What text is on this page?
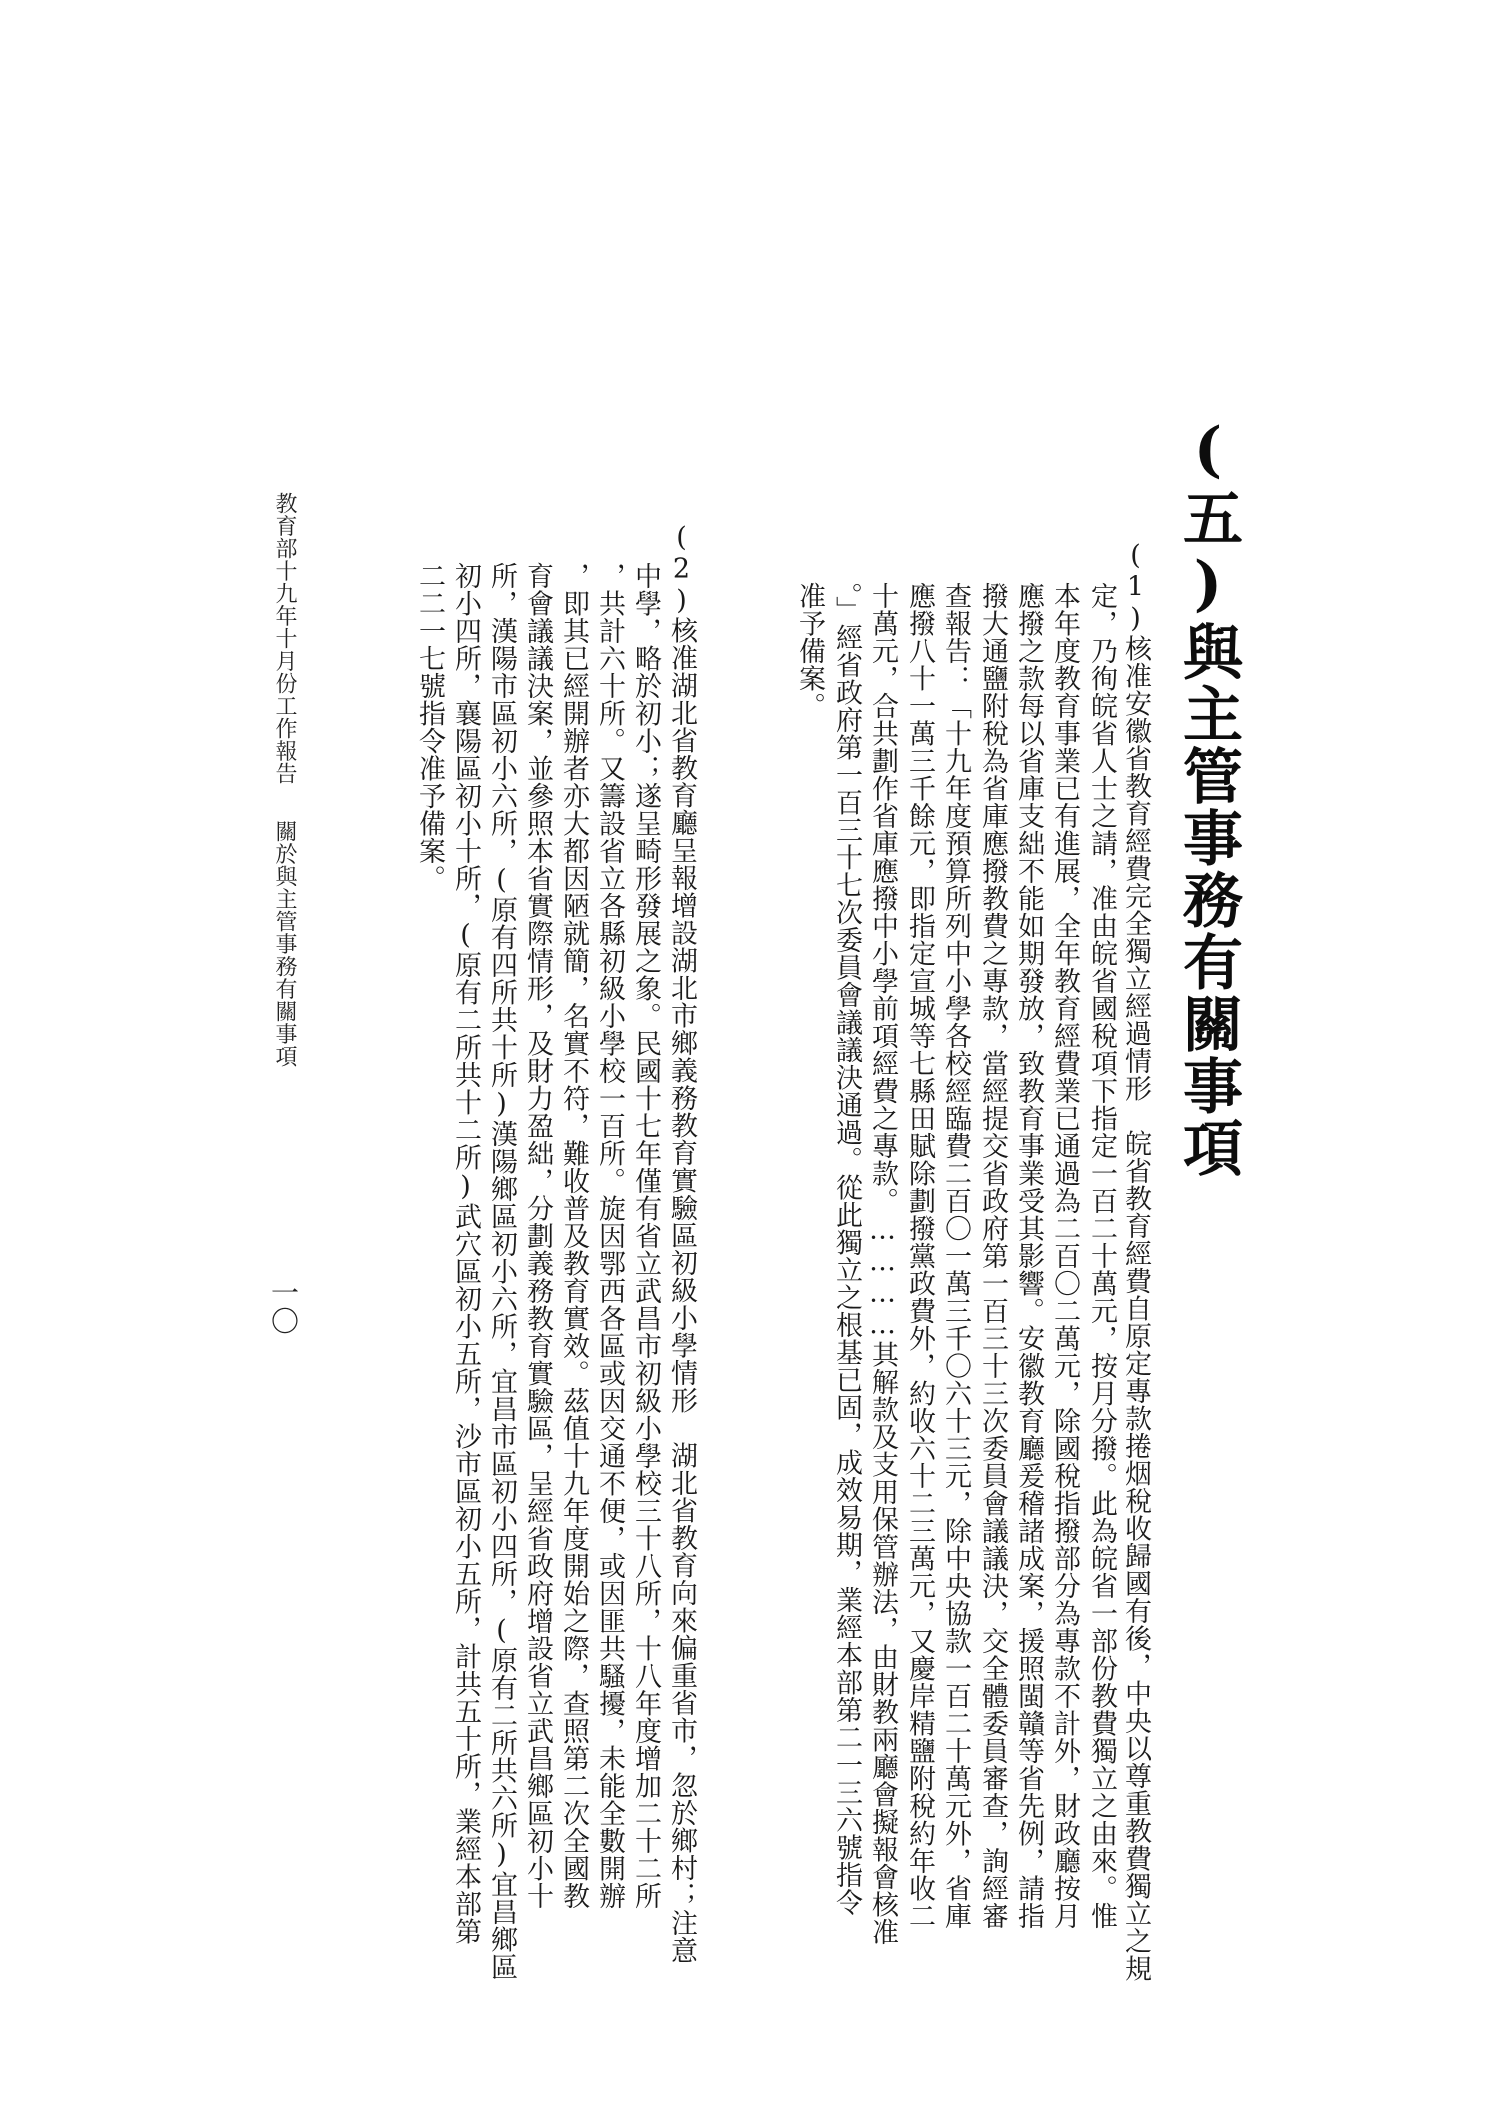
(五)與主管事務有關事項
(1)核准安徽省教育經費完全獨立經過情形　皖省教育經費自原定專款捲烟稅收歸國有後，中央以尊重教費獨立之規
定，乃徇皖省人士之請，准由皖省國稅項下指定一百二十萬元，按月分撥。此為皖省一部份教費獨立之由來。惟
本年度教育事業已有進展，全年教育經費業已通過為二百〇二萬元，除國稅指撥部分為專款不計外，財政廳按月
應撥之款每以省庫支絀不能如期發放，致教育事業受其影響。安徽教育廳爰稽諸成案，援照閩贛等省先例，請指
撥大通鹽附稅為省庫應撥教費之專款，當經提交省政府第一百三十三次委員會議議決，交全體委員審查，詢經審
查報告：「十九年度預算所列中小學各校經臨費二百〇一萬三千〇六十三元，除中央協款一百二十萬元外，省庫
應撥八十一萬三千餘元，即指定宣城等七縣田賦除劃撥黨政費外，約收六十二三萬元，又慶岸精鹽附稅約年收二
十萬元，合共劃作省庫應撥中小學前項經費之專款。…………其解款及支用保管辦法，由財教兩廳會擬報會核准
。」經省政府第一百三十七次委員會議議決通過。從此獨立之根基已固，成效易期，業經本部第二一三六號指令
准予備案。
(2)核准湖北省教育廳呈報增設湖北市鄉義務教育實驗區初級小學情形　湖北省教育向來偏重省市，忽於鄉村；注意
中學，略於初小；遂呈畸形發展之象。民國十七年僅有省立武昌市初級小學校三十八所，十八年度增加二十二所
，共計六十所。又籌設省立各縣初級小學校一百所。旋因鄂西各區或因交通不便，或因匪共騷擾，未能全數開辦
，即其已經開辦者亦大都因陋就簡，名實不符，難收普及教育實效。茲值十九年度開始之際，查照第二次全國教
育會議議決案，並參照本省實際情形，及財力盈絀，分劃義務教育實驗區，呈經省政府增設省立武昌鄉區初小十
所，漢陽市區初小六所，(原有四所共十所)漢陽鄉區初小六所，宜昌市區初小四所，(原有二所共六所)宜昌鄉區
初小四所，襄陽區初小十所，(原有二所共十二所)武穴區初小五所，沙市區初小五所，計共五十所，業經本部第
二二一七號指令准予備案。
教育部十九年十月份工作報告
關於與主管事務有關事項
一〇
